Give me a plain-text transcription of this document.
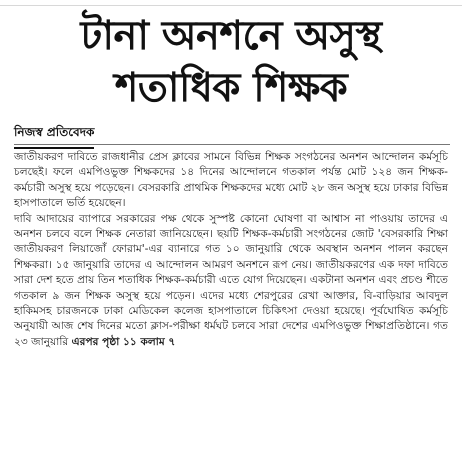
টানা অনশনে অসুস্থ
শতাধিক শিক্ষক
নিজস্ব প্রতিবেদক

জাতীয়করণ দাবিতে রাজধানীর প্রেস ক্লাবের সামনে বিভিন্ন শিক্ষক সংগঠনের অনশন আন্দোলন কর্মসূচি চলছেই। ফলে এমপিওভুক্ত শিক্ষকদের ১৪ দিনের আন্দোলনে গতকাল পর্যন্ত মোট ১২৪ জন শিক্ষক-কর্মচারী অসুস্থ হয়ে পড়েছেন। বেসরকারি প্রাথমিক শিক্ষকদের মধ্যে মোট ২৮ জন অসুস্থ হয়ে ঢাকার বিভিন্ন হাসপাতালে ভর্তি হয়েছেন।

দাবি আদায়ের ব্যাপারে সরকারের পক্ষ থেকে সুস্পষ্ট কোনো ঘোষণা বা আশ্বাস না পাওয়ায় তাদের এ অনশন চলবে বলে শিক্ষক নেতারা জানিয়েছেন। ছয়টি শিক্ষক-কর্মচারী সংগঠনের জোট 'বেসরকারি শিক্ষা জাতীয়করণ লিয়াজোঁ ফোরাম'-এর ব্যানারে গত ১০ জানুয়ারি থেকে অবস্থান অনশন পালন করছেন শিক্ষকরা। ১৫ জানুয়ারি তাদের এ আন্দোলন আমরণ অনশনে রূপ নেয়। জাতীয়করণের এক দফা দাবিতে সারা দেশ হতে প্রায় তিন শতাধিক শিক্ষক-কর্মচারী এতে যোগ দিয়েছেন। একটানা অনশন এবং প্রচণ্ড শীতে গতকাল ৯ জন শিক্ষক অসুস্থ হয়ে পড়েন। এদের মধ্যে শেরপুরের রেখা আক্তার, বি-বাড়িয়ার আবদুল হাকিমসহ চারজনকে ঢাকা মেডিকেল কলেজ হাসপাতালে চিকিৎসা দেওয়া হয়েছে। পূর্বঘোষিত কর্মসূচি অনুযায়ী আজ শেষ দিনের মতো ক্লাস-পরীক্ষা ধর্মঘট চলবে সারা দেশের এমপিওভুক্ত শিক্ষাপ্রতিষ্ঠানে। গত ২৩ জানুয়ারি এরপর পৃষ্ঠা ১১ কলাম ৭
